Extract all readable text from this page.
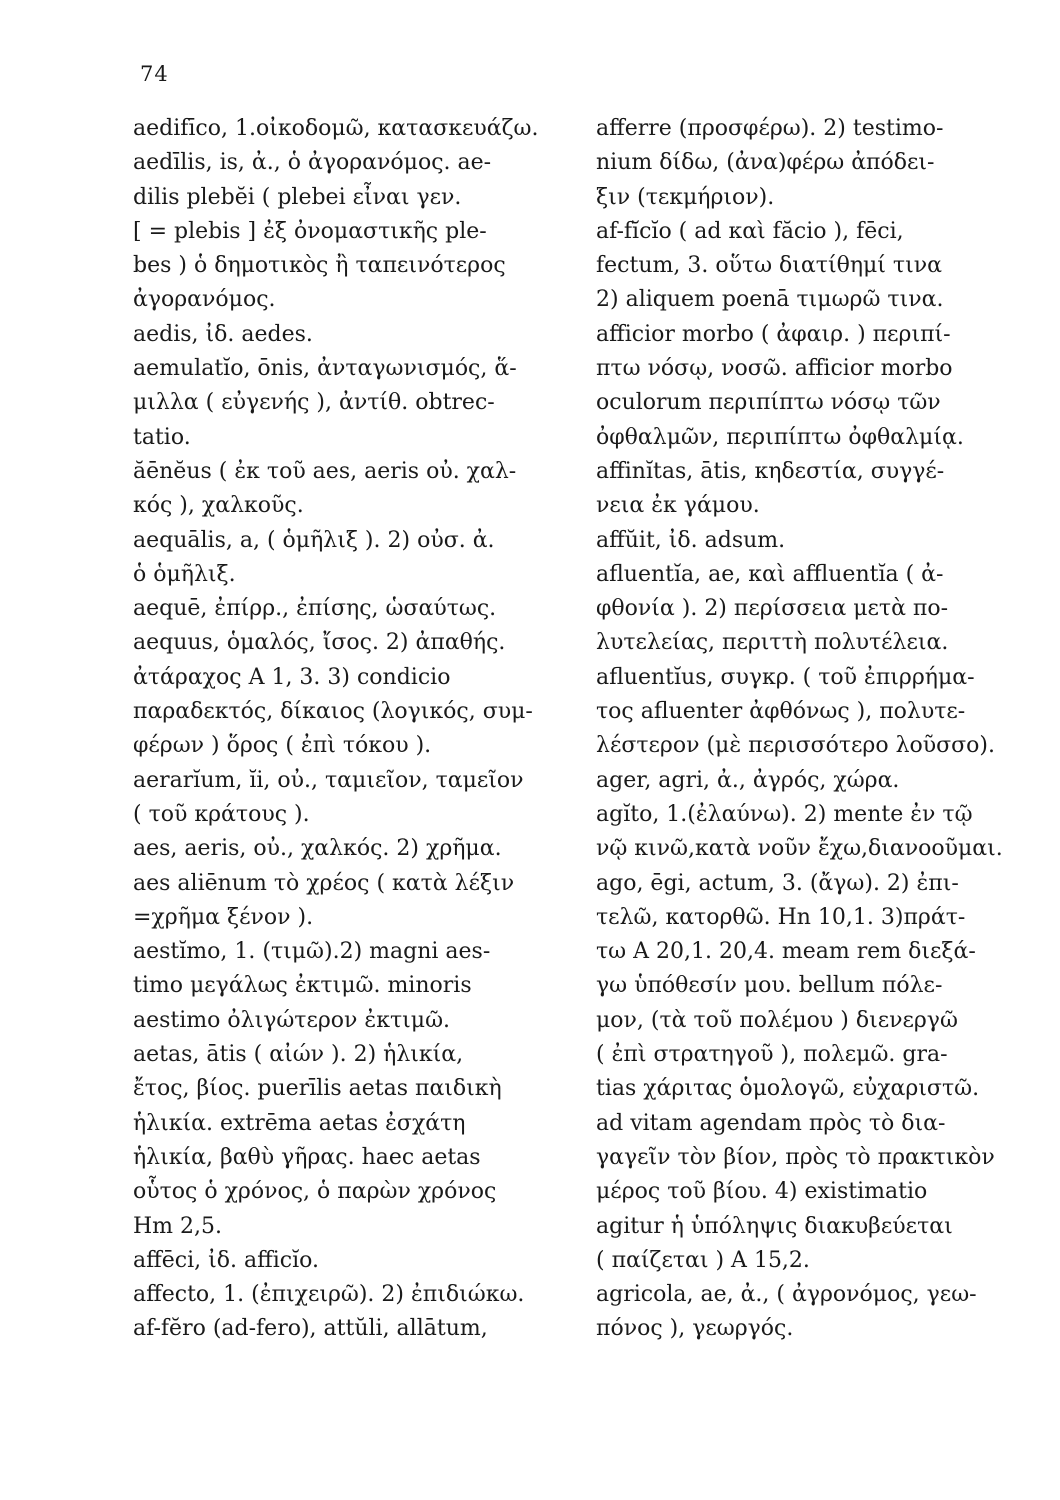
74
aedifīco, 1.οἰκοδομῶ, κατασκευάζω.
aedīlis, is, ἀ., ὁ ἀγορανόμος. ae-
dilis plebĕi ( plebei εἶναι γεν.
[ = plebis ] ἐξ ὀνομαστικῆς ple-
bes ) ὁ δημοτικὸς ἢ ταπεινότερος
ἀγορανόμος.
aedis, ἰδ. aedes.
aemulatĭo, ōnis, ἀνταγωνισμός, ἅ-
μιλλα ( εὐγενής ), ἀντίθ. obtrec-
tatio.
ăēnĕus ( ἐκ τοῦ aes, aeris οὐ. χαλ-
κός ), χαλκοῦς.
aequālis, a, ( ὁμῆλιξ ). 2) οὐσ. ἀ.
ὁ ὁμῆλιξ.
aequē, ἐπίρρ., ἐπίσης, ὡσαύτως.
aequus, ὁμαλός, ἴσος. 2) ἀπαθής.
ἀτάραχος A 1, 3. 3) condicio
παραδεκτός, δίκαιος (λογικός, συμ-
φέρων ) ὅρος ( ἐπὶ τόκου ).
aerarĭum, ĭi, οὐ., ταμιεῖον, ταμεῖον
( τοῦ κράτους ).
aes, aeris, οὐ., χαλκός. 2) χρῆμα.
aes aliēnum τὸ χρέος ( κατὰ λέξιν
=χρῆμα ξένον ).
aestĭmo, 1. (τιμῶ).2) magni aes-
timo μεγάλως ἐκτιμῶ. minoris
aestimo ὀλιγώτερον ἐκτιμῶ.
aetas, ātis ( αἰών ). 2) ἡλικία,
ἔτος, βίος. puerīlis aetas παιδικὴ
ἡλικία. extrēma aetas ἐσχάτη
ἡλικία, βαθὺ γῆρας. haec aetas
οὗτος ὁ χρόνος, ὁ παρὼν χρόνος
Hm 2,5.
affēci, ἰδ. afficĭo.
affecto, 1. (ἐπιχειρῶ). 2) ἐπιδιώκω.
af-fĕro (ad-fero), attŭli, allātum,
afferre (προσφέρω). 2) testimo-
nium δίδω, (ἀνα)φέρω ἀπόδει-
ξιν (τεκμήριον).
af-fĭcĭo ( ad καὶ făcio ), fēci,
fectum, 3. οὕτω διατίθημί τινα
2) aliquem poenā τιμωρῶ τινα.
afficior morbo ( ἀφαιρ. ) περιπί-
πτω νόσῳ, νοσῶ. afficior morbo
oculorum περιπίπτω νόσῳ τῶν
ὀφθαλμῶν, περιπίπτω ὀφθαλμίᾳ.
affinĭtas, ātis, κηδεστία, συγγέ-
νεια ἐκ γάμου.
affŭit, ἰδ. adsum.
afluentĭa, ae, καὶ affluentĭa ( ἀ-
φθονία ). 2) περίσσεια μετὰ πο-
λυτελείας, περιττὴ πολυτέλεια.
afluentĭus, συγκρ. ( τοῦ ἐπιρρήμα-
τος afluenter ἀφθόνως ), πολυτε-
λέστερον (μὲ περισσότερο λοῦσσο).
ager, agri, ἀ., ἀγρός, χώρα.
agĭto, 1.(ἐλαύνω). 2) mente ἐν τῷ
νῷ κινῶ,κατὰ νοῦν ἔχω,διανοοῦμαι.
ago, ēgi, actum, 3. (ἄγω). 2) ἐπι-
τελῶ, κατορθῶ. Hn 10,1. 3)πράτ-
τω A 20,1. 20,4. meam rem διεξά-
γω ὑπόθεσίν μου. bellum πόλε-
μον, (τὰ τοῦ πολέμου ) διενεργῶ
( ἐπὶ στρατηγοῦ ), πολεμῶ. gra-
tias χάριτας ὁμολογῶ, εὐχαριστῶ.
ad vitam agendam πρὸς τὸ δια-
γαγεῖν τὸν βίον, πρὸς τὸ πρακτικὸν
μέρος τοῦ βίου. 4) existimatio
agitur ἡ ὑπόληψις διακυβεύεται
( παίζεται ) A 15,2.
agricola, ae, ἀ., ( ἀγρονόμος, γεω-
πόνος ), γεωργός.
